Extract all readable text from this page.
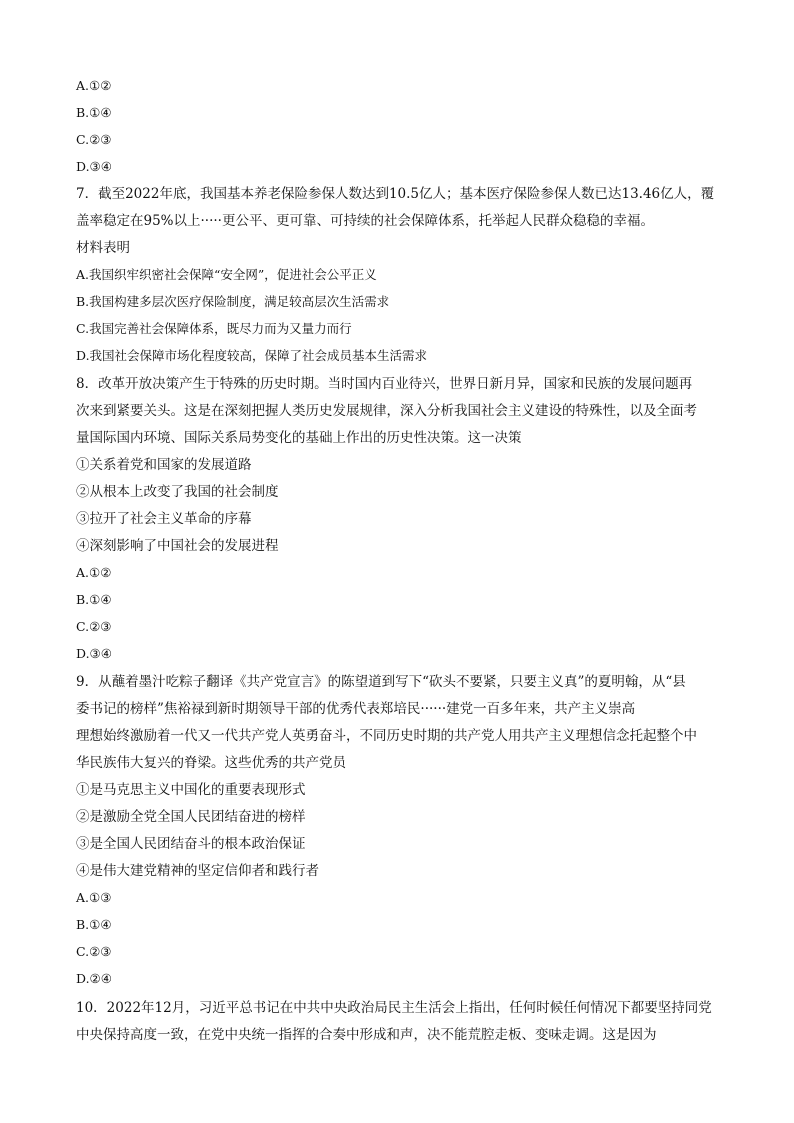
A.①②
B.①④
C.②③
D.③④
7．截至2022年底，我国基本养老保险参保人数达到10.5亿人；基本医疗保险参保人数已达13.46亿人，覆
盖率稳定在95%以上·····更公平、更可靠、可持续的社会保障体系，托举起人民群众稳稳的幸福。
材料表明
A.我国织牢织密社会保障“安全网”，促进社会公平正义
B.我国构建多层次医疗保险制度，满足较高层次生活需求
C.我国完善社会保障体系，既尽力而为又量力而行
D.我国社会保障市场化程度较高，保障了社会成员基本生活需求
8．改革开放决策产生于特殊的历史时期。当时国内百业待兴，世界日新月异，国家和民族的发展问题再
次来到紧要关头。这是在深刻把握人类历史发展规律，深入分析我国社会主义建设的特殊性，以及全面考
量国际国内环境、国际关系局势变化的基础上作出的历史性决策。这一决策
①关系着党和国家的发展道路
②从根本上改变了我国的社会制度
③拉开了社会主义革命的序幕
④深刻影响了中国社会的发展进程
A.①②
B.①④
C.②③
D.③④
9．从蘸着墨汁吃粽子翻译《共产党宣言》的陈望道到写下“砍头不要紧，只要主义真”的夏明翰，从“县
委书记的榜样”焦裕禄到新时期领导干部的优秀代表郑培民······建党一百多年来，共产主义崇高
理想始终激励着一代又一代共产党人英勇奋斗，不同历史时期的共产党人用共产主义理想信念托起整个中
华民族伟大复兴的脊梁。这些优秀的共产党员
①是马克思主义中国化的重要表现形式
②是激励全党全国人民团结奋进的榜样
③是全国人民团结奋斗的根本政治保证
④是伟大建党精神的坚定信仰者和践行者
A.①③
B.①④
C.②③
D.②④
10．2022年12月，习近平总书记在中共中央政治局民主生活会上指出，任何时候任何情况下都要坚持同党
中央保持高度一致，在党中央统一指挥的合奏中形成和声，决不能荒腔走板、变味走调。这是因为
